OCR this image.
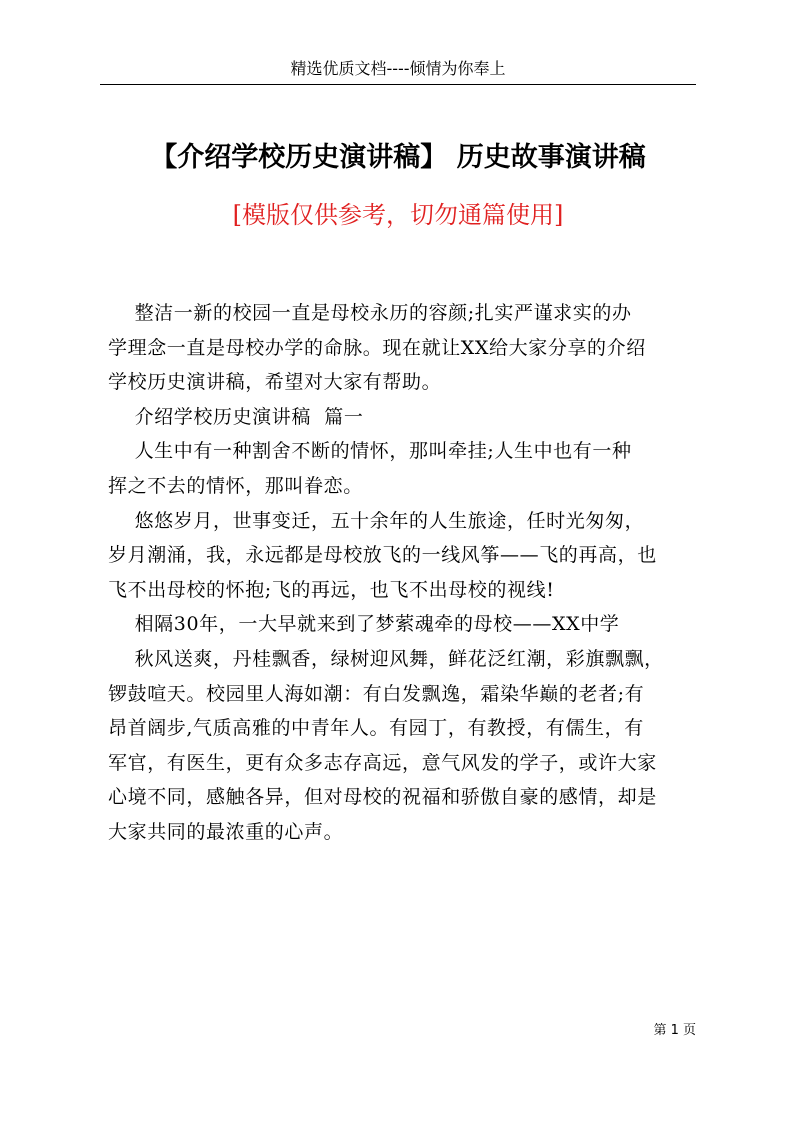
精选优质文档----倾情为你奉上
【介绍学校历史演讲稿】 历史故事演讲稿
[模版仅供参考，切勿通篇使用]

整洁一新的校园一直是母校永历的容颜;扎实严谨求实的办

学理念一直是母校办学的命脉。现在就让XX给大家分享的介绍

学校历史演讲稿，希望对大家有帮助。

介绍学校历史演讲稿  篇一

人生中有一种割舍不断的情怀，那叫牵挂;人生中也有一种

挥之不去的情怀，那叫眷恋。

悠悠岁月，世事变迁，五十余年的人生旅途，任时光匆匆，

岁月潮涌，我，永远都是母校放飞的一线风筝——飞的再高，也

飞不出母校的怀抱;飞的再远，也飞不出母校的视线!

相隔30年，一大早就来到了梦萦魂牵的母校——XX中学

秋风送爽，丹桂飘香，绿树迎风舞，鲜花泛红潮，彩旗飘飘，

锣鼓喧天。校园里人海如潮：有白发飘逸，霜染华巅的老者;有

昂首阔步,气质高雅的中青年人。有园丁，有教授，有儒生，有

军官，有医生，更有众多志存高远，意气风发的学子，或许大家

心境不同，感触各异，但对母校的祝福和骄傲自豪的感情，却是

大家共同的最浓重的心声。

第 1 页
